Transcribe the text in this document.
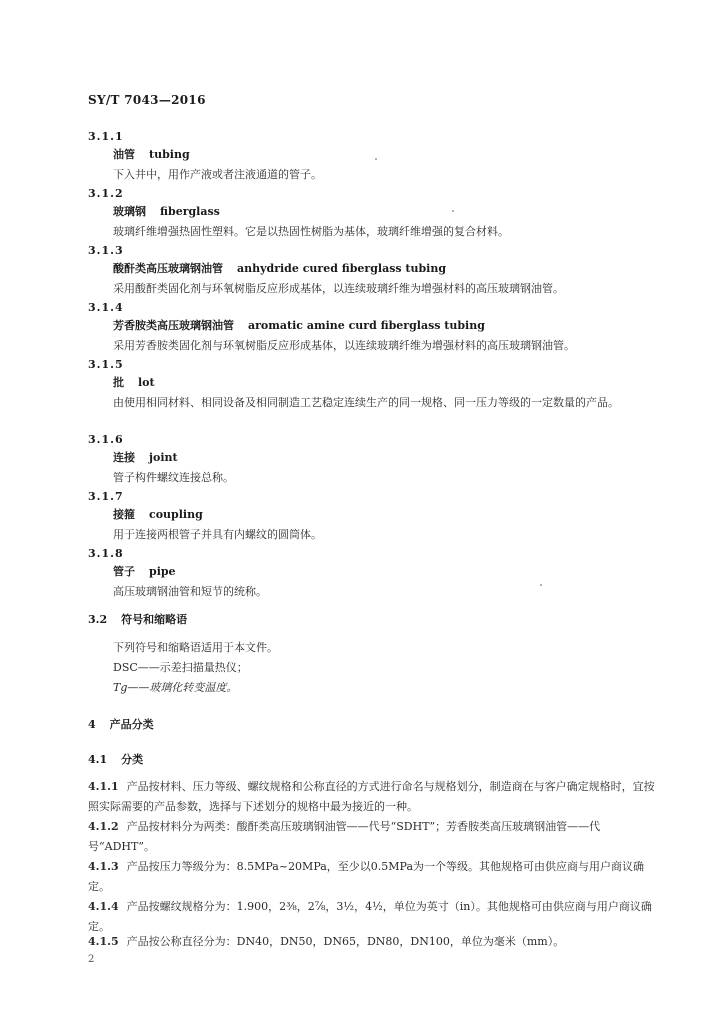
SY/T 7043—2016
3.1.1
油管 tubing
下入井中，用作产液或者注液通道的管子。
3.1.2
玻璃钢 fiberglass
玻璃纤维增强热固性塑料。它是以热固性树脂为基体，玻璃纤维增强的复合材料。
3.1.3
酸酐类高压玻璃钢油管 anhydride cured fiberglass tubing
采用酸酐类固化剂与环氧树脂反应形成基体，以连续玻璃纤维为增强材料的高压玻璃钢油管。
3.1.4
芳香胺类高压玻璃钢油管 aromatic amine curd fiberglass tubing
采用芳香胺类固化剂与环氧树脂反应形成基体，以连续玻璃纤维为增强材料的高压玻璃钢油管。
3.1.5
批 lot
由使用相同材料、相同设备及相同制造工艺稳定连续生产的同一规格、同一压力等级的一定数量的产品。
3.1.6
连接 joint
管子构件螺纹连接总称。
3.1.7
接箍 coupling
用于连接两根管子并具有内螺纹的圆筒体。
3.1.8
管子 pipe
高压玻璃钢油管和短节的统称。
3.2 符号和缩略语
下列符号和缩略语适用于本文件。
DSC——示差扫描量热仪；
Tg——玻璃化转变温度。
4 产品分类
4.1 分类
4.1.1 产品按材料、压力等级、螺纹规格和公称直径的方式进行命名与规格划分，制造商在与客户确定规格时，宜按照实际需要的产品参数，选择与下述划分的规格中最为接近的一种。
4.1.2 产品按材料分为两类：酸酐类高压玻璃钢油管——代号“SDHT”；芳香胺类高压玻璃钢油管——代号“ADHT”。
4.1.3 产品按压力等级分为：8.5MPa~20MPa，至少以0.5MPa为一个等级。其他规格可由供应商与用户商议确定。
4.1.4 产品按螺纹规格分为：1.900，2⅜，2⅞，3½，4½，单位为英寸（in）。其他规格可由供应商与用户商议确定。
4.1.5 产品按公称直径分为：DN40，DN50，DN65，DN80，DN100，单位为毫米（mm）。
2
